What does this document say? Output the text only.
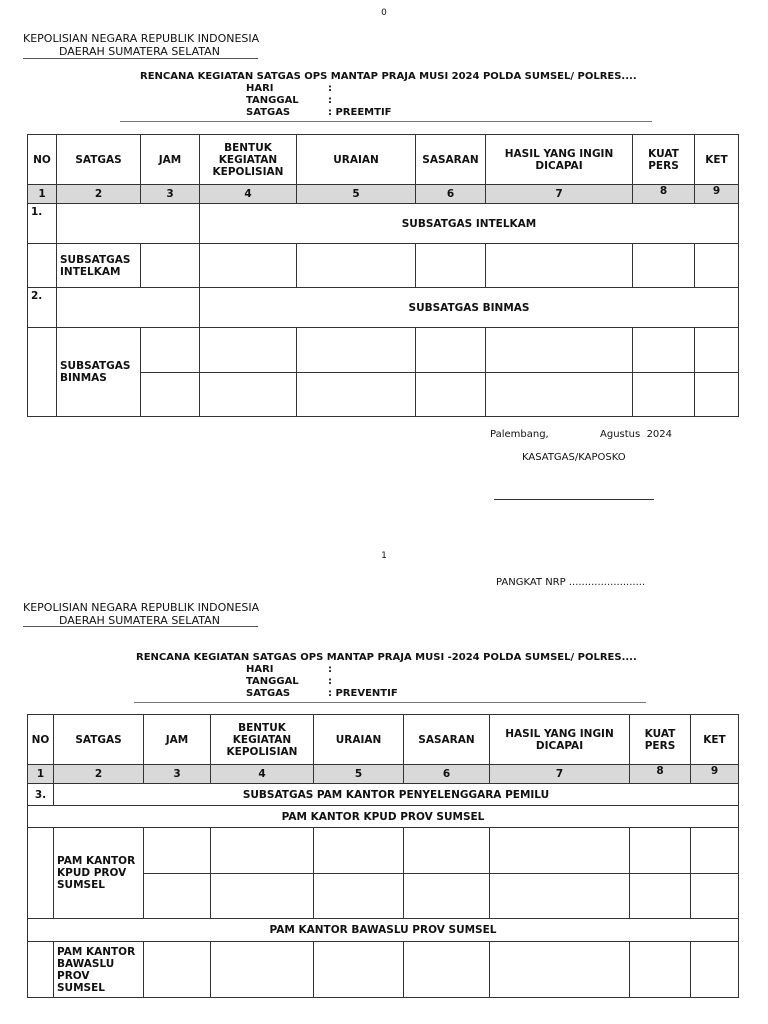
0
KEPOLISIAN NEGARA REPUBLIK INDONESIA
DAERAH SUMATERA SELATAN
RENCANA KEGIATAN SATGAS OPS MANTAP PRAJA MUSI 2024 POLDA SUMSEL/ POLRES....
HARI	:
TANGGAL	:
SATGAS	: PREEMTIF
NO	SATGAS	JAM	BENTUK KEGIATAN KEPOLISIAN	URAIAN	SASARAN	HASIL YANG INGIN DICAPAI	KUAT PERS	KET
1	2	3	4	5	6	7	8	9
1.			SUBSATGAS INTELKAM					
	SUBSATGAS INTELKAM							
2.			SUBSATGAS BINMAS					
	SUBSATGAS BINMAS							

Palembang,	Agustus  2024
KASATGAS/KAPOSKO
1
PANGKAT NRP ........................
KEPOLISIAN NEGARA REPUBLIK INDONESIA
DAERAH SUMATERA SELATAN
RENCANA KEGIATAN SATGAS OPS MANTAP PRAJA MUSI -2024 POLDA SUMSEL/ POLRES....
HARI	:
TANGGAL	:
SATGAS	: PREVENTIF
NO	SATGAS	JAM	BENTUK KEGIATAN KEPOLISIAN	URAIAN	SASARAN	HASIL YANG INGIN DICAPAI	KUAT PERS	KET
1	2	3	4	5	6	7	8	9
3.	SUBSATGAS PAM KANTOR PENYELENGGARA PEMILU							
PAM KANTOR KPUD PROV SUMSEL								
	PAM KANTOR KPUD PROV SUMSEL							

PAM KANTOR BAWASLU PROV SUMSEL								
	PAM KANTOR BAWASLU PROV SUMSEL							
